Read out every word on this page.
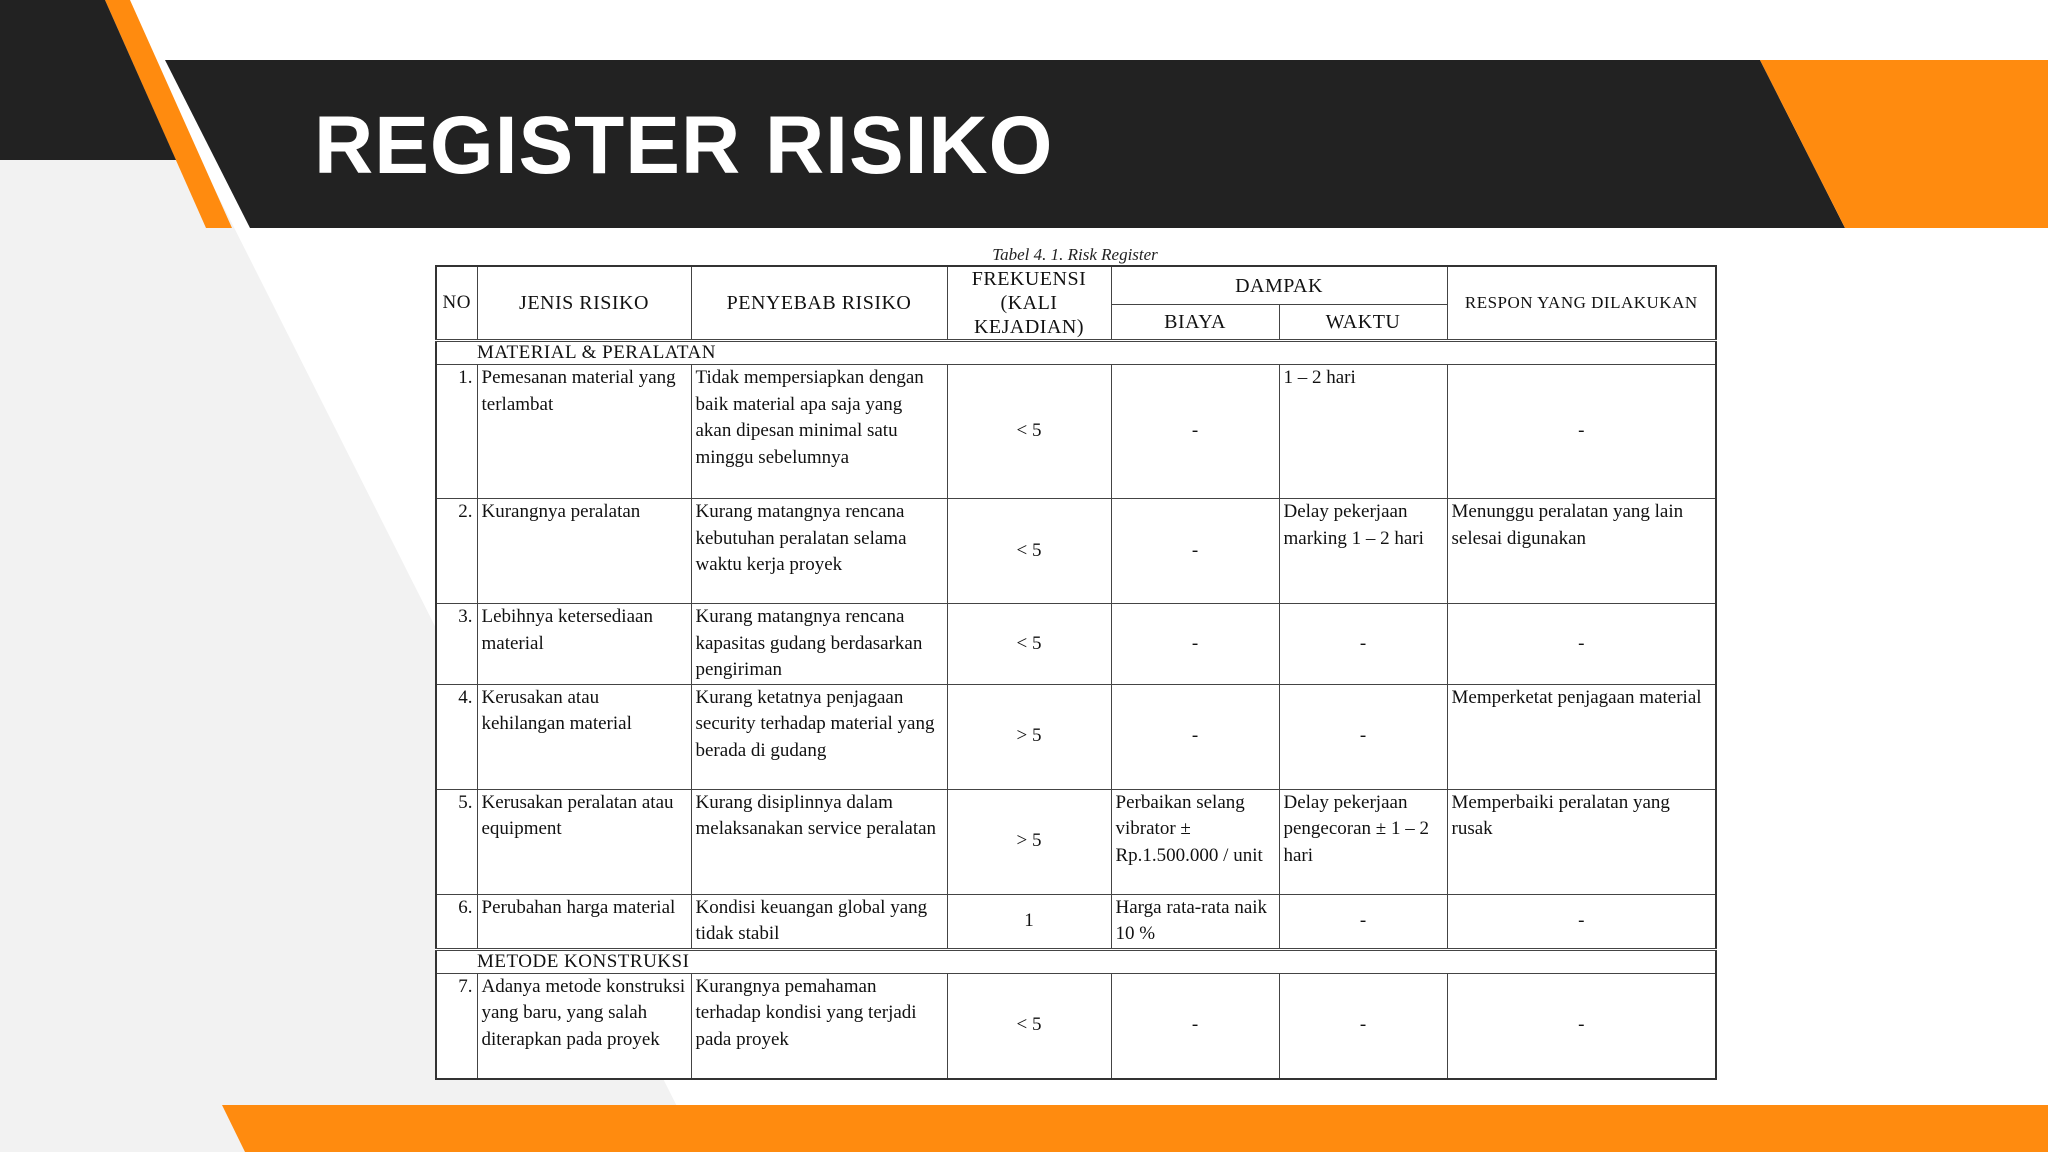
REGISTER RISIKO
Tabel 4. 1. Risk Register
NO	JENIS RISIKO	PENYEBAB RISIKO	FREKUENSI (KALI KEJADIAN)	DAMPAK		RESPON YANG DILAKUKAN
				BIAYA	WAKTU	
MATERIAL & PERALATAN						
1.	Pemesanan material yang terlambat	Tidak mempersiapkan dengan baik material apa saja yang akan dipesan minimal satu minggu sebelumnya	< 5	-	1 – 2 hari	-
2.	Kurangnya peralatan	Kurang matangnya rencana kebutuhan peralatan selama waktu kerja proyek	< 5	-	Delay pekerjaan marking 1 – 2 hari	Menunggu peralatan yang lain selesai digunakan
3.	Lebihnya ketersediaan material	Kurang matangnya rencana kapasitas gudang berdasarkan pengiriman	< 5	-	-	-
4.	Kerusakan atau kehilangan material	Kurang ketatnya penjagaan security terhadap material yang berada di gudang	> 5	-	-	Memperketat penjagaan material
5.	Kerusakan peralatan atau equipment	Kurang disiplinnya dalam melaksanakan service peralatan	> 5	Perbaikan selang vibrator ± Rp.1.500.000 / unit	Delay pekerjaan pengecoran ± 1 – 2 hari	Memperbaiki peralatan yang rusak
6.	Perubahan harga material	Kondisi keuangan global yang tidak stabil	1	Harga rata-rata naik 10 %	-	-
METODE KONSTRUKSI						
7.	Adanya metode konstruksi yang baru, yang salah diterapkan pada proyek	Kurangnya pemahaman terhadap kondisi yang terjadi pada proyek	< 5	-	-	-
